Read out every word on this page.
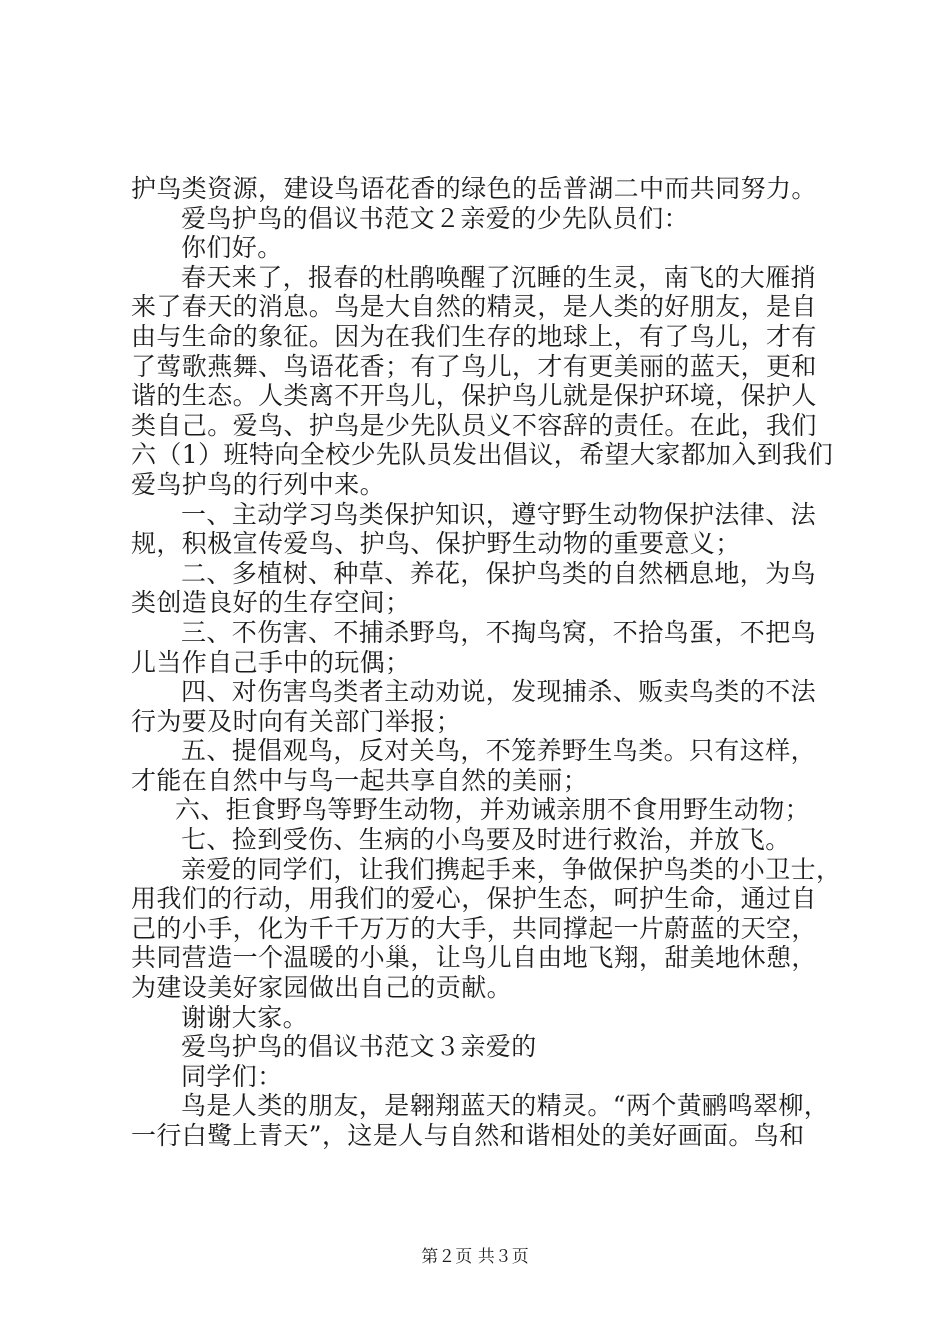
护鸟类资源，建设鸟语花香的绿色的岳普湖二中而共同努力。
爱鸟护鸟的倡议书范文２亲爱的少先队员们：
你们好。
春天来了，报春的杜鹃唤醒了沉睡的生灵，南飞的大雁捎
来了春天的消息。鸟是大自然的精灵，是人类的好朋友，是自
由与生命的象征。因为在我们生存的地球上，有了鸟儿，才有
了莺歌燕舞、鸟语花香；有了鸟儿，才有更美丽的蓝天，更和
谐的生态。人类离不开鸟儿，保护鸟儿就是保护环境，保护人
类自己。爱鸟、护鸟是少先队员义不容辞的责任。在此，我们
六（1）班特向全校少先队员发出倡议，希望大家都加入到我们
爱鸟护鸟的行列中来。
一、主动学习鸟类保护知识，遵守野生动物保护法律、法
规，积极宣传爱鸟、护鸟、保护野生动物的重要意义；
二、多植树、种草、养花，保护鸟类的自然栖息地，为鸟
类创造良好的生存空间；
三、不伤害、不捕杀野鸟，不掏鸟窝，不拾鸟蛋，不把鸟
儿当作自己手中的玩偶；
四、对伤害鸟类者主动劝说，发现捕杀、贩卖鸟类的不法
行为要及时向有关部门举报；
五、提倡观鸟，反对关鸟，不笼养野生鸟类。只有这样，
才能在自然中与鸟一起共享自然的美丽；
六、拒食野鸟等野生动物，并劝诫亲朋不食用野生动物；
七、捡到受伤、生病的小鸟要及时进行救治，并放飞。
亲爱的同学们，让我们携起手来，争做保护鸟类的小卫士，
用我们的行动，用我们的爱心，保护生态，呵护生命，通过自
己的小手，化为千千万万的大手，共同撑起一片蔚蓝的天空，
共同营造一个温暖的小巢，让鸟儿自由地飞翔，甜美地休憩，
为建设美好家园做出自己的贡献。
谢谢大家。
爱鸟护鸟的倡议书范文３亲爱的
同学们：
鸟是人类的朋友，是翱翔蓝天的精灵。“两个黄鹂鸣翠柳，
一行白鹭上青天”，这是人与自然和谐相处的美好画面。鸟和
第２页 共３页
